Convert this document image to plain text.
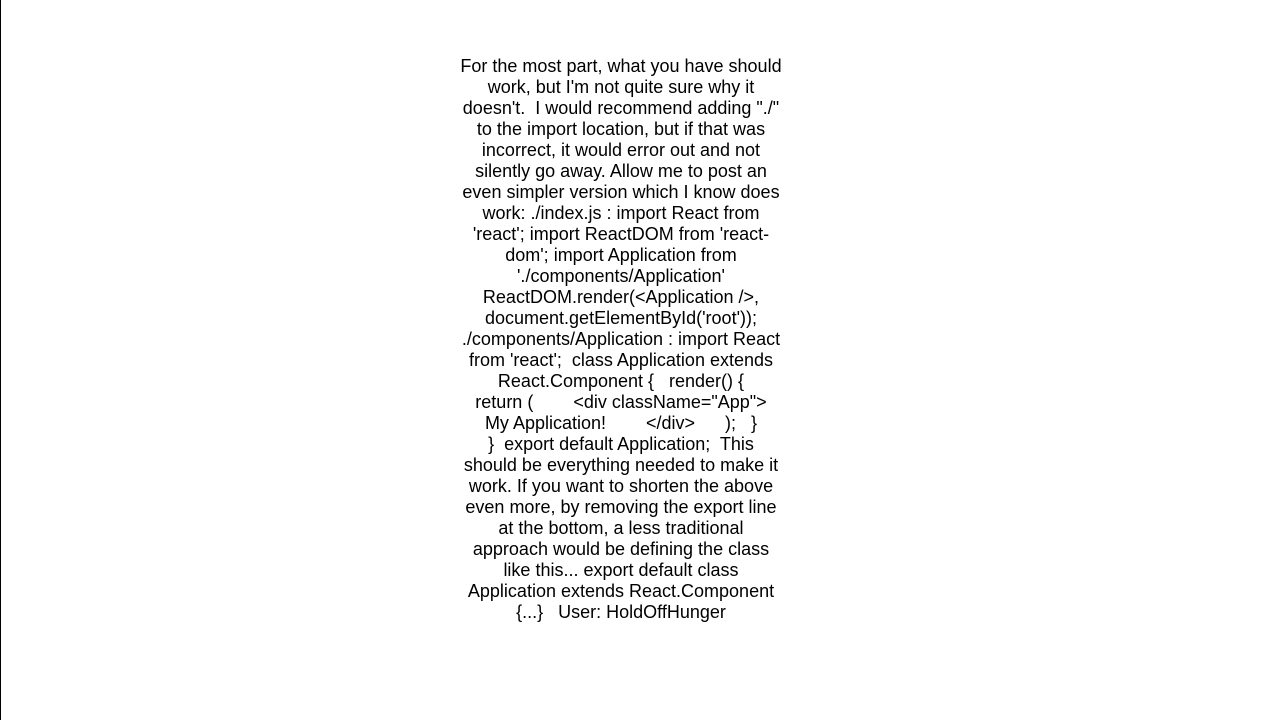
For the most part, what you have should
work, but I'm not quite sure why it
doesn't.  I would recommend adding "./"
to the import location, but if that was
incorrect, it would error out and not
silently go away. Allow me to post an
even simpler version which I know does
work: ./index.js : import React from
'react'; import ReactDOM from 'react-
dom'; import Application from
'./components/Application'
ReactDOM.render(<Application />,
document.getElementById('root'));
./components/Application : import React
from 'react';  class Application extends
React.Component {   render() {
return (        <div className="App">
My Application!        </div>      );   }
}  export default Application;  This
should be everything needed to make it
work. If you want to shorten the above
even more, by removing the export line
at the bottom, a less traditional
approach would be defining the class
like this... export default class
Application extends React.Component
{...}   User: HoldOffHunger
